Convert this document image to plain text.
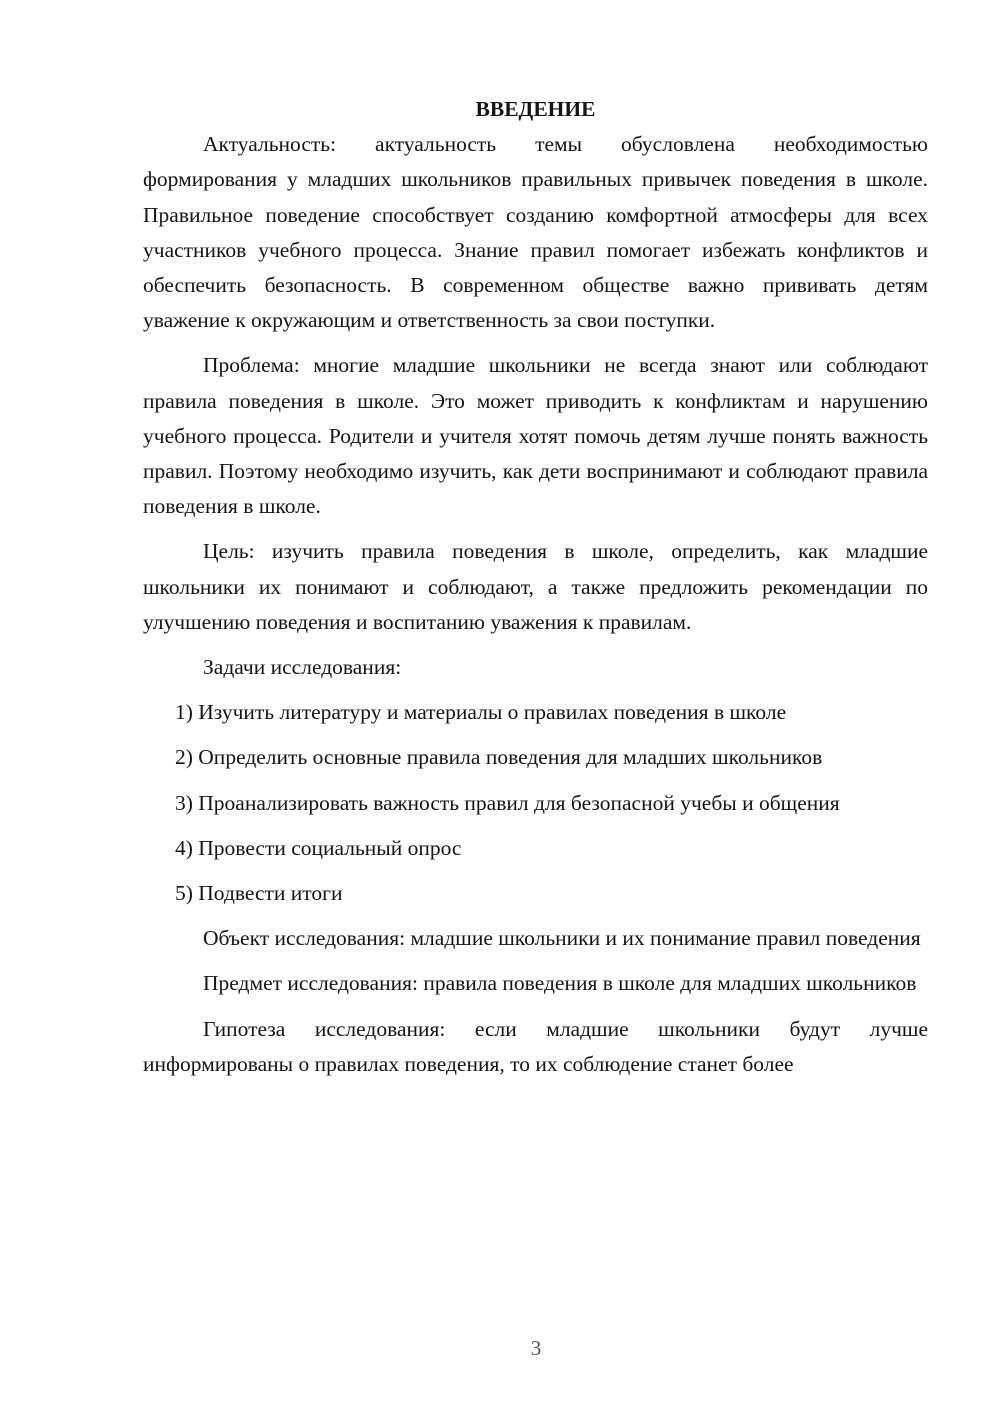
ВВЕДЕНИЕ

Актуальность: актуальность темы обусловлена необходимостью формирования у младших школьников правильных привычек поведения в школе. Правильное поведение способствует созданию комфортной атмосферы для всех участников учебного процесса. Знание правил помогает избежать конфликтов и обеспечить безопасность. В современном обществе важно прививать детям уважение к окружающим и ответственность за свои поступки.

Проблема: многие младшие школьники не всегда знают или соблюдают правила поведения в школе. Это может приводить к конфликтам и нарушению учебного процесса. Родители и учителя хотят помочь детям лучше понять важность правил. Поэтому необходимо изучить, как дети воспринимают и соблюдают правила поведения в школе.

Цель: изучить правила поведения в школе, определить, как младшие школьники их понимают и соблюдают, а также предложить рекомендации по улучшению поведения и воспитанию уважения к правилам.

Задачи исследования:

1) Изучить литературу и материалы о правилах поведения в школе

2) Определить основные правила поведения для младших школьников

3) Проанализировать важность правил для безопасной учебы и общения

4) Провести социальный опрос

5) Подвести итоги

Объект исследования: младшие школьники и их понимание правил поведения

Предмет исследования: правила поведения в школе для младших школьников

Гипотеза исследования: если младшие школьники будут лучше информированы о правилах поведения, то их соблюдение станет более

3
